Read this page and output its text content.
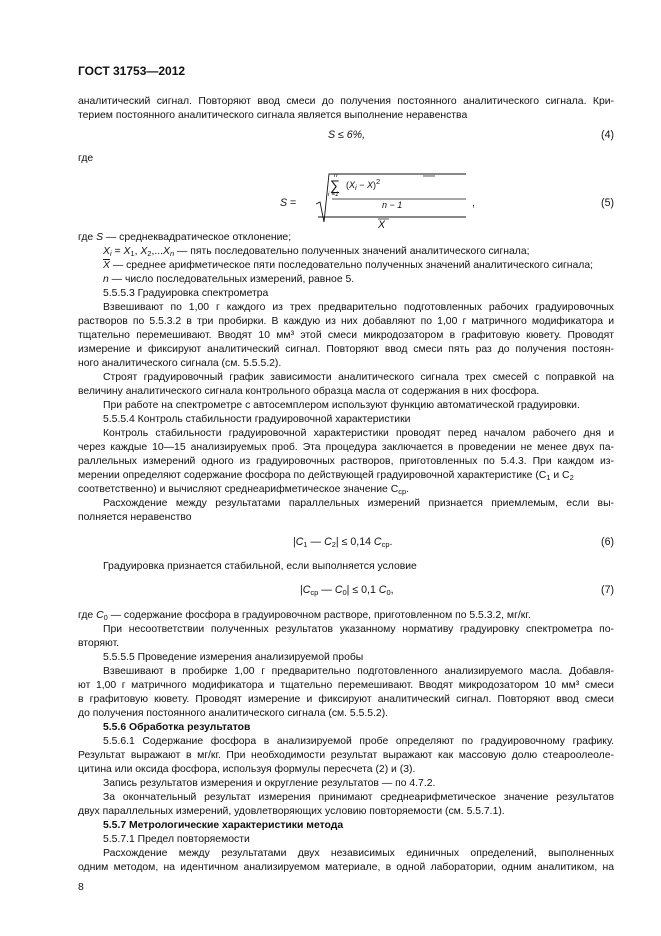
ГОСТ 31753—2012
аналитический сигнал. Повторяют ввод смеси до получения постоянного аналитического сигнала. Кри-
терием постоянного аналитического сигнала является выполнение неравенства
S ≤ 6%,	(4)
где
S =
n
∑
i =1
$(X_i - X)^2$
n − 1
X
,	(5)
где S — среднеквадратическое отклонение;
$X_i = X_1$, $X_2,...X_n$ — пять последовательно полученных значений аналитического сигнала;
$\overline{X}$ — среднее арифметическое пяти последовательно полученных значений аналитического сигнала;
n — число последовательных измерений, равное 5.
5.5.5.3 Градуировка спектрометра
Взвешивают по 1,00 г каждого из трех предварительно подготовленных рабочих градуировочных
растворов по 5.5.3.2 в три пробирки. В каждую из них добавляют по 1,00 г матричного модификатора и
тщательно перемешивают. Вводят 10 мм³ этой смеси микродозатором в графитовую кювету. Проводят
измерение и фиксируют аналитический сигнал. Повторяют ввод смеси пять раз до получения постоян-
ного аналитического сигнала (см. 5.5.5.2).
Строят градуировочный график зависимости аналитического сигнала трех смесей с поправкой на
величину аналитического сигнала контрольного образца масла от содержания в них фосфора.
При работе на спектрометре с автосемплером используют функцию автоматической градуировки.
5.5.5.4 Контроль стабильности градуировочной характеристики
Контроль стабильности градуировочной характеристики проводят перед началом рабочего дня и
через каждые 10—15 анализируемых проб. Эта процедура заключается в проведении не менее двух па-
раллельных измерений одного из градуировочных растворов, приготовленных по 5.4.3. При каждом из-
мерении определяют содержание фосфора по действующей градуировочной характеристике ($C_1$ и $C_2$
соответственно) и вычисляют среднеарифметическое значение $C_{ср}$.
Расхождение между результатами параллельных измерений признается приемлемым, если вы-
полняется неравенство
$|C_1$ — $C_2| \le 0,14$ $C_{ср}$.	(6)
Градуировка признается стабильной, если выполняется условие
$|C_{ср}$ — $C_0| \le 0,1$ $C_0$,	(7)
где $C_0$ — содержание фосфора в градуировочном растворе, приготовленном по 5.5.3.2, мг/кг.
При несоответствии полученных результатов указанному нормативу градуировку спектрометра по-
вторяют.
5.5.5.5 Проведение измерения анализируемой пробы
Взвешивают в пробирке 1,00 г предварительно подготовленного анализируемого масла. Добавля-
ют 1,00 г матричного модификатора и тщательно перемешивают. Вводят микродозатором 10 мм³ смеси
в графитовую кювету. Проводят измерение и фиксируют аналитический сигнал. Повторяют ввод смеси
до получения постоянного аналитического сигнала (см. 5.5.5.2).
5.5.6 Обработка результатов
5.5.6.1 Содержание фосфора в анализируемой пробе определяют по градуировочному графику.
Результат выражают в мг/кг. При необходимости результат выражают как массовую долю стеароолеоле-
цитина или оксида фосфора, используя формулы пересчета (2) и (3).
Запись результатов измерения и округление результатов — по 4.7.2.
За окончательный результат измерения принимают среднеарифметическое значение результатов
двух параллельных измерений, удовлетворяющих условию повторяемости (см. 5.5.7.1).
5.5.7 Метрологические характеристики метода
5.5.7.1 Предел повторяемости
Расхождение между результатами двух независимых единичных определений, выполненных
одним методом, на идентичном анализируемом материале, в одной лаборатории, одним аналитиком, на
8
